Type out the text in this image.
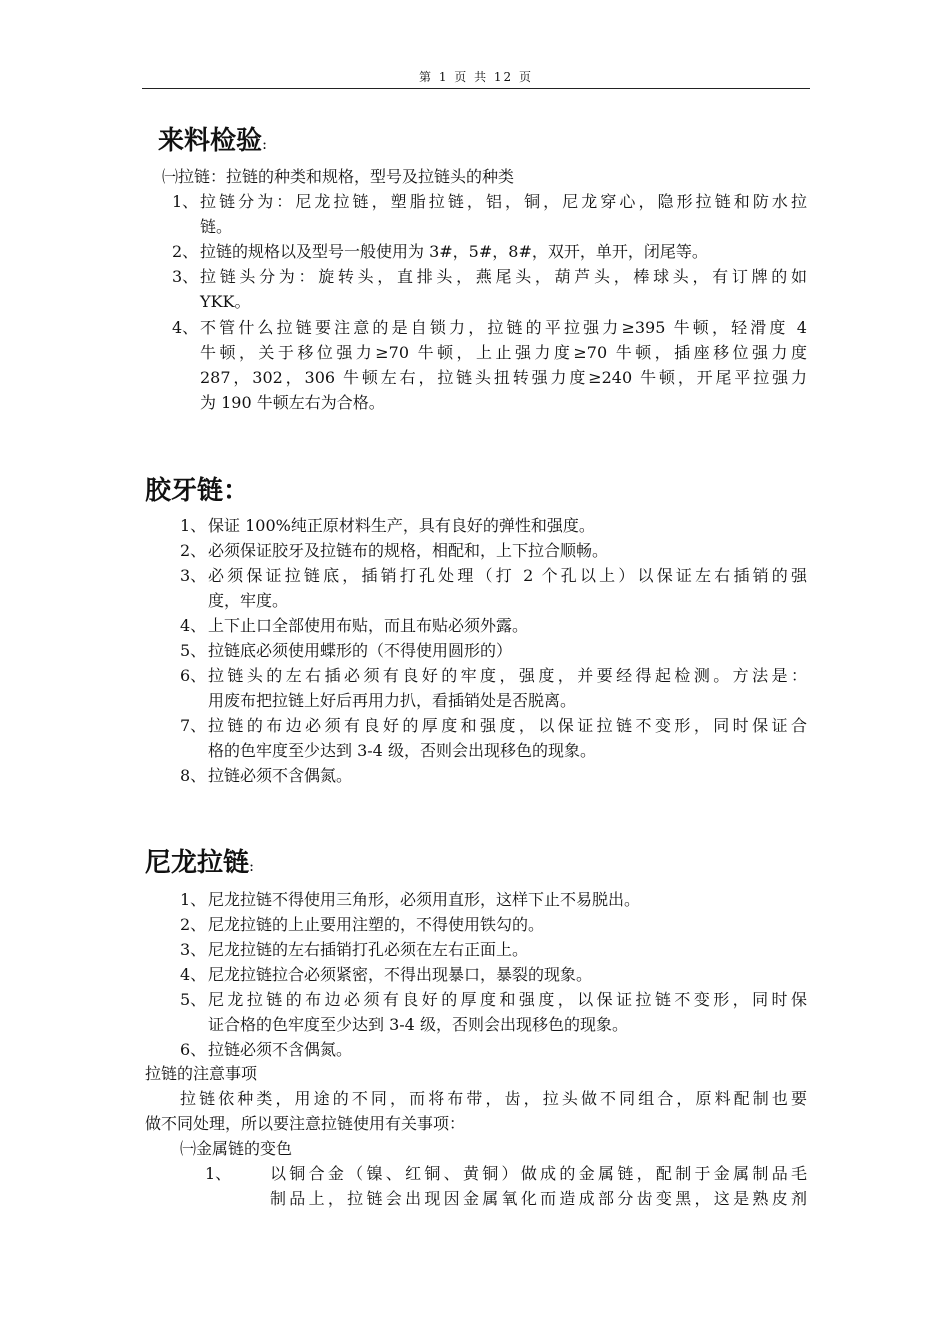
第 1 页 共 12 页
来料检验:
㈠拉链：拉链的种类和规格，型号及拉链头的种类
1、 拉链分为：尼龙拉链，塑脂拉链，铝，铜，尼龙穿心，隐形拉链和防水拉
链。
2、 拉链的规格以及型号一般使用为 3#，5#，8#，双开，单开，闭尾等。
3、 拉链头分为：旋转头，直排头，燕尾头，葫芦头，棒球头，有订牌的如
YKK。
4、 不管什么拉链要注意的是自锁力，拉链的平拉强力≥395 牛顿，轻滑度 4
牛顿，关于移位强力≥70 牛顿，上止强力度≥70 牛顿，插座移位强力度
287，302，306 牛顿左右，拉链头扭转强力度≥240 牛顿，开尾平拉强力
为 190 牛顿左右为合格。
胶牙链：
1、 保证 100%纯正原材料生产，具有良好的弹性和强度。
2、 必须保证胶牙及拉链布的规格，相配和，上下拉合顺畅。
3、 必须保证拉链底，插销打孔处理（打 2 个孔以上）以保证左右插销的强
度，牢度。
4、 上下止口全部使用布贴，而且布贴必须外露。
5、 拉链底必须使用蝶形的（不得使用圆形的）
6、 拉链头的左右插必须有良好的牢度，强度，并要经得起检测。方法是：
用废布把拉链上好后再用力扒，看插销处是否脱离。
7、 拉链的布边必须有良好的厚度和强度，以保证拉链不变形，同时保证合
格的色牢度至少达到 3-4 级，否则会出现移色的现象。
8、 拉链必须不含偶氮。
尼龙拉链:
1、 尼龙拉链不得使用三角形，必须用直形，这样下止不易脱出。
2、 尼龙拉链的上止要用注塑的，不得使用铁勾的。
3、 尼龙拉链的左右插销打孔必须在左右正面上。
4、 尼龙拉链拉合必须紧密，不得出现暴口，暴裂的现象。
5、 尼龙拉链的布边必须有良好的厚度和强度，以保证拉链不变形，同时保
证合格的色牢度至少达到 3-4 级，否则会出现移色的现象。
6、 拉链必须不含偶氮。
拉链的注意事项
拉链依种类，用途的不同，而将布带，齿，拉头做不同组合，原料配制也要
做不同处理，所以要注意拉链使用有关事项：
㈠金属链的变色
1、 以铜合金（镍、红铜、黄铜）做成的金属链，配制于金属制品毛
制品上，拉链会出现因金属氧化而造成部分齿变黑，这是熟皮剂
